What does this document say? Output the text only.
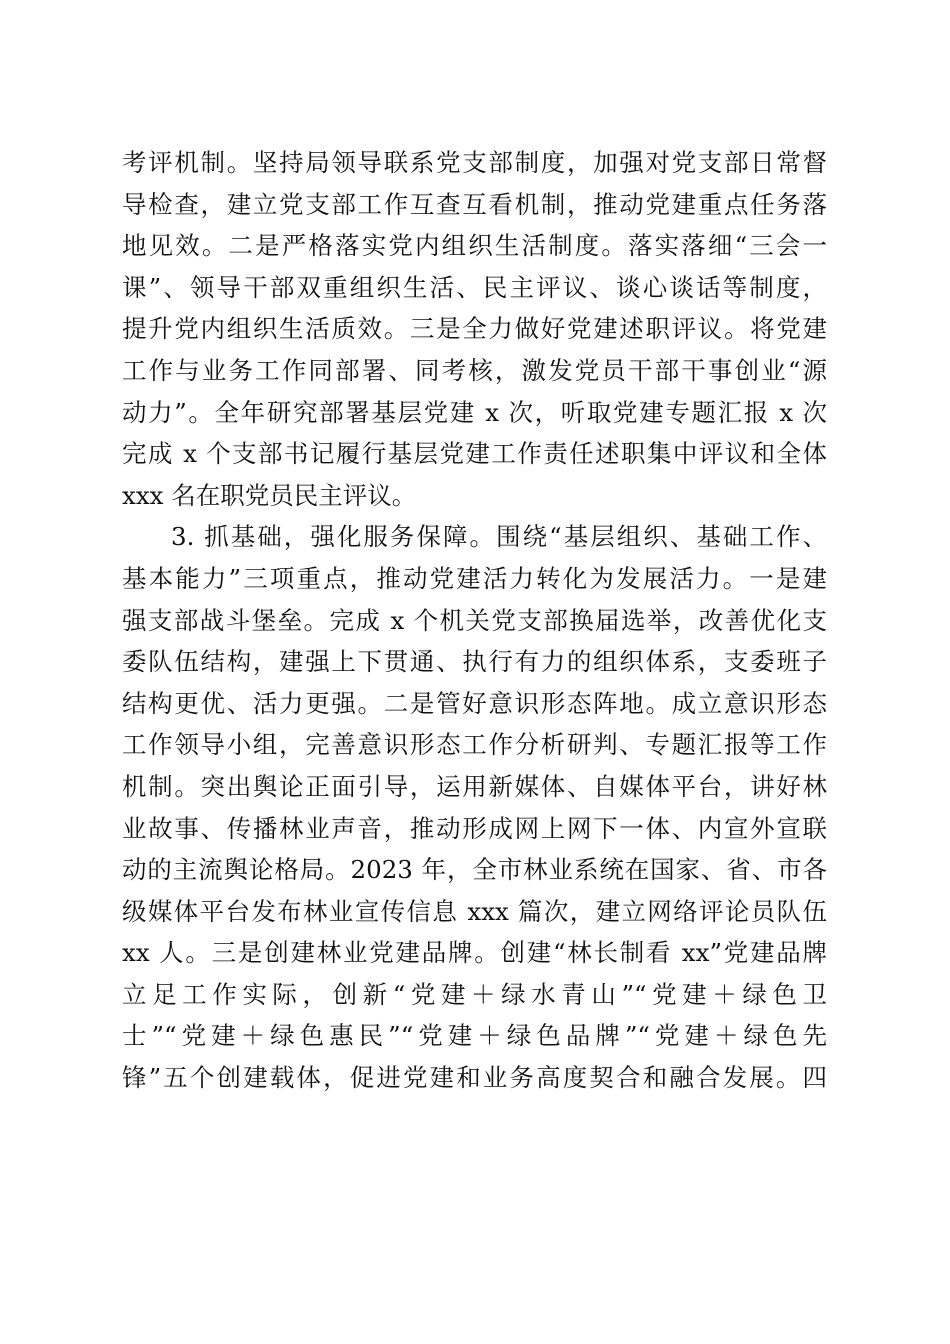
考评机制。坚持局领导联系党支部制度，加强对党支部日常督
导检查，建立党支部工作互查互看机制，推动党建重点任务落
地见效。二是严格落实党内组织生活制度。落实落细“三会一
课”、领导干部双重组织生活、民主评议、谈心谈话等制度，
提升党内组织生活质效。三是全力做好党建述职评议。将党建
工作与业务工作同部署、同考核，激发党员干部干事创业“源
动力”。全年研究部署基层党建 x 次，听取党建专题汇报 x 次
完成 x 个支部书记履行基层党建工作责任述职集中评议和全体
xxx 名在职党员民主评议。
3. 抓基础，强化服务保障。围绕“基层组织、基础工作、
基本能力”三项重点，推动党建活力转化为发展活力。一是建
强支部战斗堡垒。完成 x 个机关党支部换届选举，改善优化支
委队伍结构，建强上下贯通、执行有力的组织体系，支委班子
结构更优、活力更强。二是管好意识形态阵地。成立意识形态
工作领导小组，完善意识形态工作分析研判、专题汇报等工作
机制。突出舆论正面引导，运用新媒体、自媒体平台，讲好林
业故事、传播林业声音，推动形成网上网下一体、内宣外宣联
动的主流舆论格局。2023 年，全市林业系统在国家、省、市各
级媒体平台发布林业宣传信息 xxx 篇次，建立网络评论员队伍
xx 人。三是创建林业党建品牌。创建“林长制看 xx”党建品牌
立足工作实际，创新“党建＋绿水青山”“党建＋绿色卫
士”“党建＋绿色惠民”“党建＋绿色品牌”“党建＋绿色先
锋”五个创建载体，促进党建和业务高度契合和融合发展。四
